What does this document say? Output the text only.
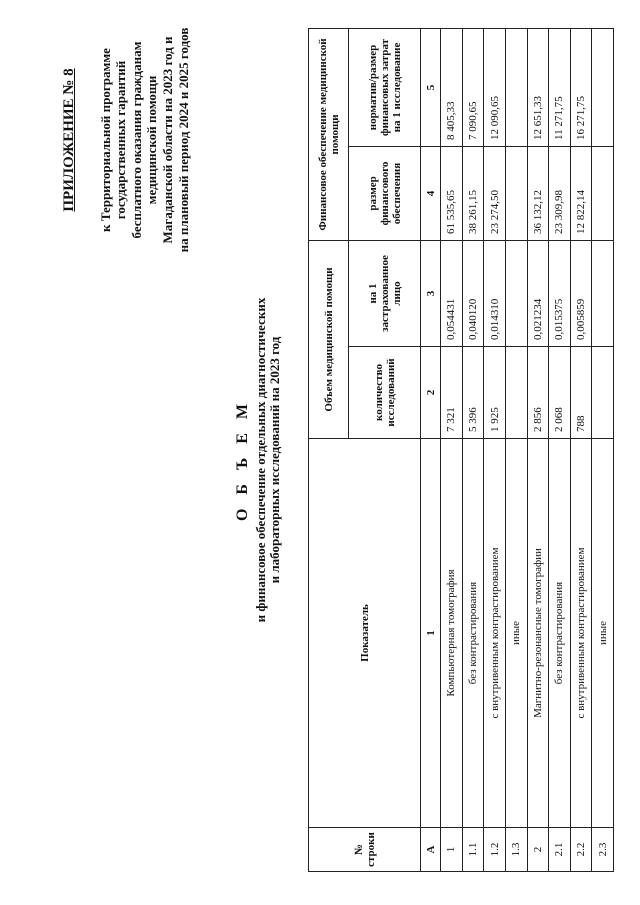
ПРИЛОЖЕНИЕ № 8 к Территориальной программе государственных гарантий бесплатного оказания гражданам медицинской помощи Магаданской области на 2023 год и на плановый период 2024 и 2025 годов
О Б Ъ Е М и финансовое обеспечение отдельных диагностических и лабораторных исследований на 2023 год
№ строки	Показатель	Объем медицинской помощи		Финансовое обеспечение медицинской помощи	
		количество исследований	на 1 застрахованное лицо	размер финансового обеспечения	норматив/размер финансовых затрат на 1 исследование
А	1	2	3	4	5
1	Компьютерная томография	7 321	0,054431	61 535,65	8 405,33
1.1	без контрастирования	5 396	0,040120	38 261,15	7 090,65
1.2	с внутривенным контрастированием	1 925	0,014310	23 274,50	12 090,65
1.3	иные				
2	Магнитно-резонансные томографии	2 856	0,021234	36 132,12	12 651,33
2.1	без контрастирования	2 068	0,015375	23 309,98	11 271,75
2.2	с внутривенным контрастированием	788	0,005859	12 822,14	16 271,75
2.3	иные				
